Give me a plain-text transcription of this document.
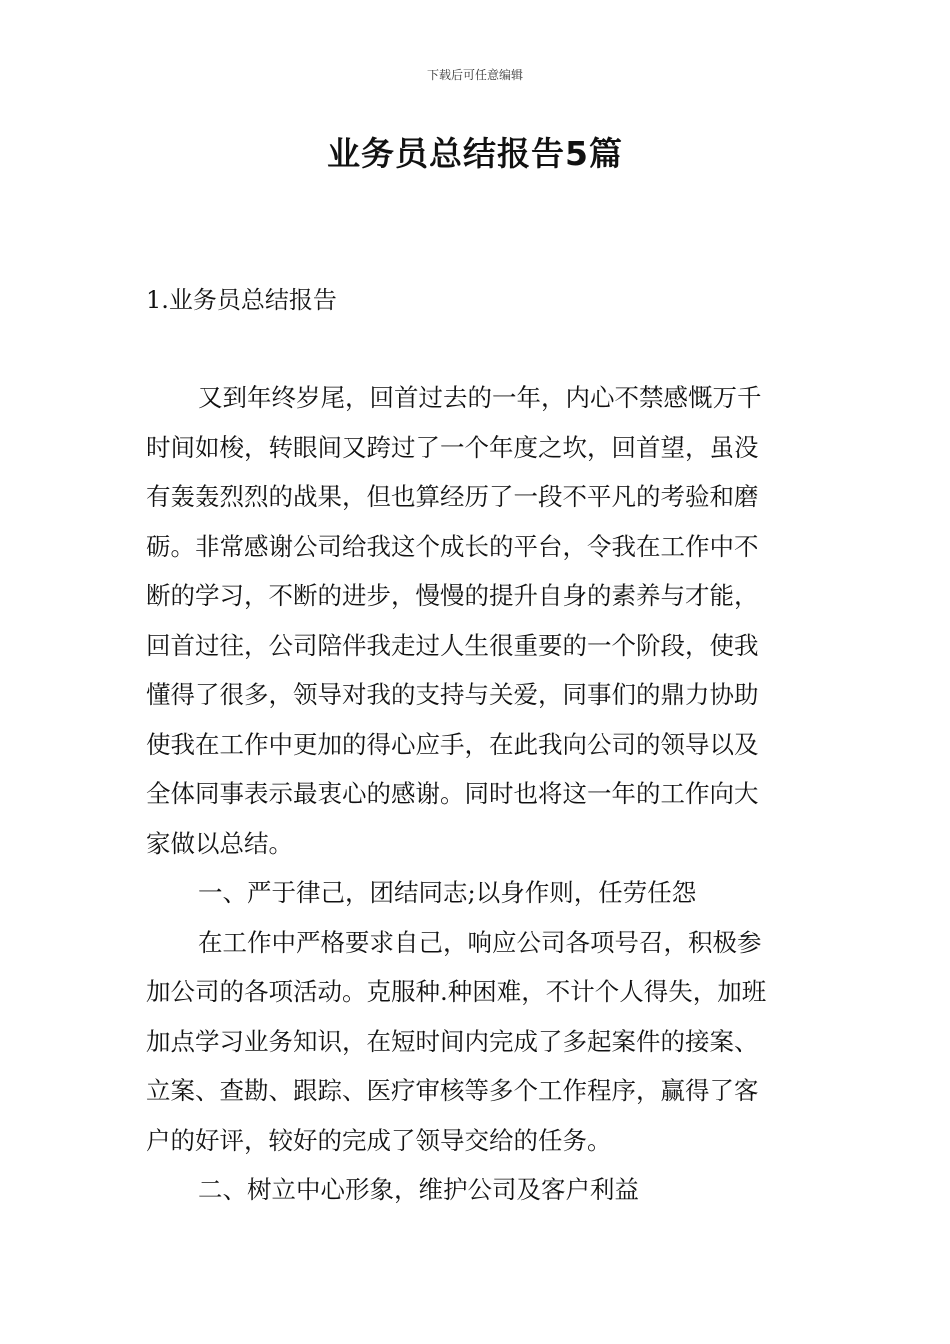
下载后可任意编辑
业务员总结报告5篇
1.业务员总结报告
又到年终岁尾，回首过去的一年，内心不禁感慨万千
时间如梭，转眼间又跨过了一个年度之坎，回首望，虽没
有轰轰烈烈的战果，但也算经历了一段不平凡的考验和磨
砺。非常感谢公司给我这个成长的平台，令我在工作中不
断的学习，不断的进步，慢慢的提升自身的素养与才能，
回首过往，公司陪伴我走过人生很重要的一个阶段，使我
懂得了很多，领导对我的支持与关爱，同事们的鼎力协助
使我在工作中更加的得心应手，在此我向公司的领导以及
全体同事表示最衷心的感谢。同时也将这一年的工作向大
家做以总结。
一、严于律己，团结同志;以身作则，任劳任怨
在工作中严格要求自己，响应公司各项号召，积极参
加公司的各项活动。克服种.种困难，不计个人得失，加班
加点学习业务知识，在短时间内完成了多起案件的接案、
立案、查勘、跟踪、医疗审核等多个工作程序，赢得了客
户的好评，较好的完成了领导交给的任务。
二、树立中心形象，维护公司及客户利益
